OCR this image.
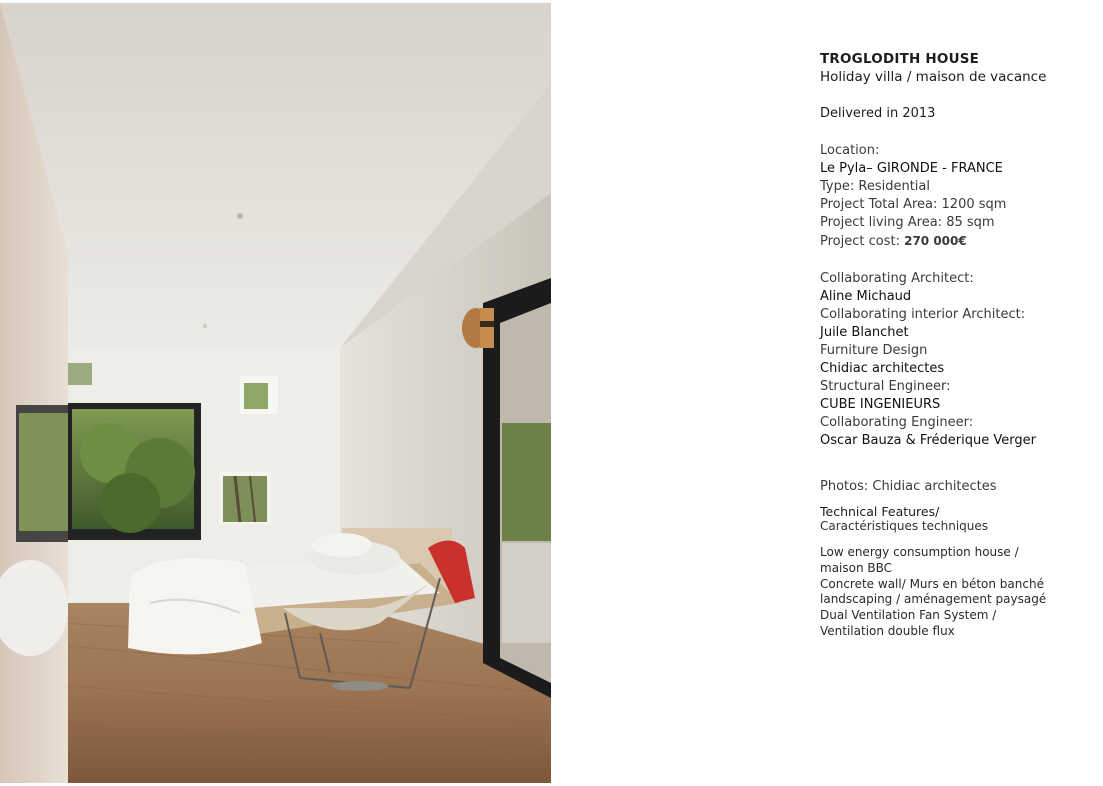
TROGLODITH HOUSE

Holiday villa / maison de vacance

Delivered in 2013

Location:

Le Pyla– GIRONDE - FRANCE

Type: Residential

Project Total Area: 1200 sqm

Project living Area: 85 sqm

Project cost: 270 000€

Collaborating Architect:

Aline Michaud

Collaborating interior Architect:

Juile Blanchet

Furniture Design

Chidiac architectes

Structural Engineer:

CUBE INGENIEURS

Collaborating Engineer:

Oscar Bauza & Fréderique Verger

Photos: Chidiac architectes

Technical Features/

Caractéristiques techniques

Low energy consumption house /

maison BBC

Concrete wall/ Murs en béton banché

landscaping / aménagement paysagé

Dual Ventilation Fan System /

Ventilation double flux
